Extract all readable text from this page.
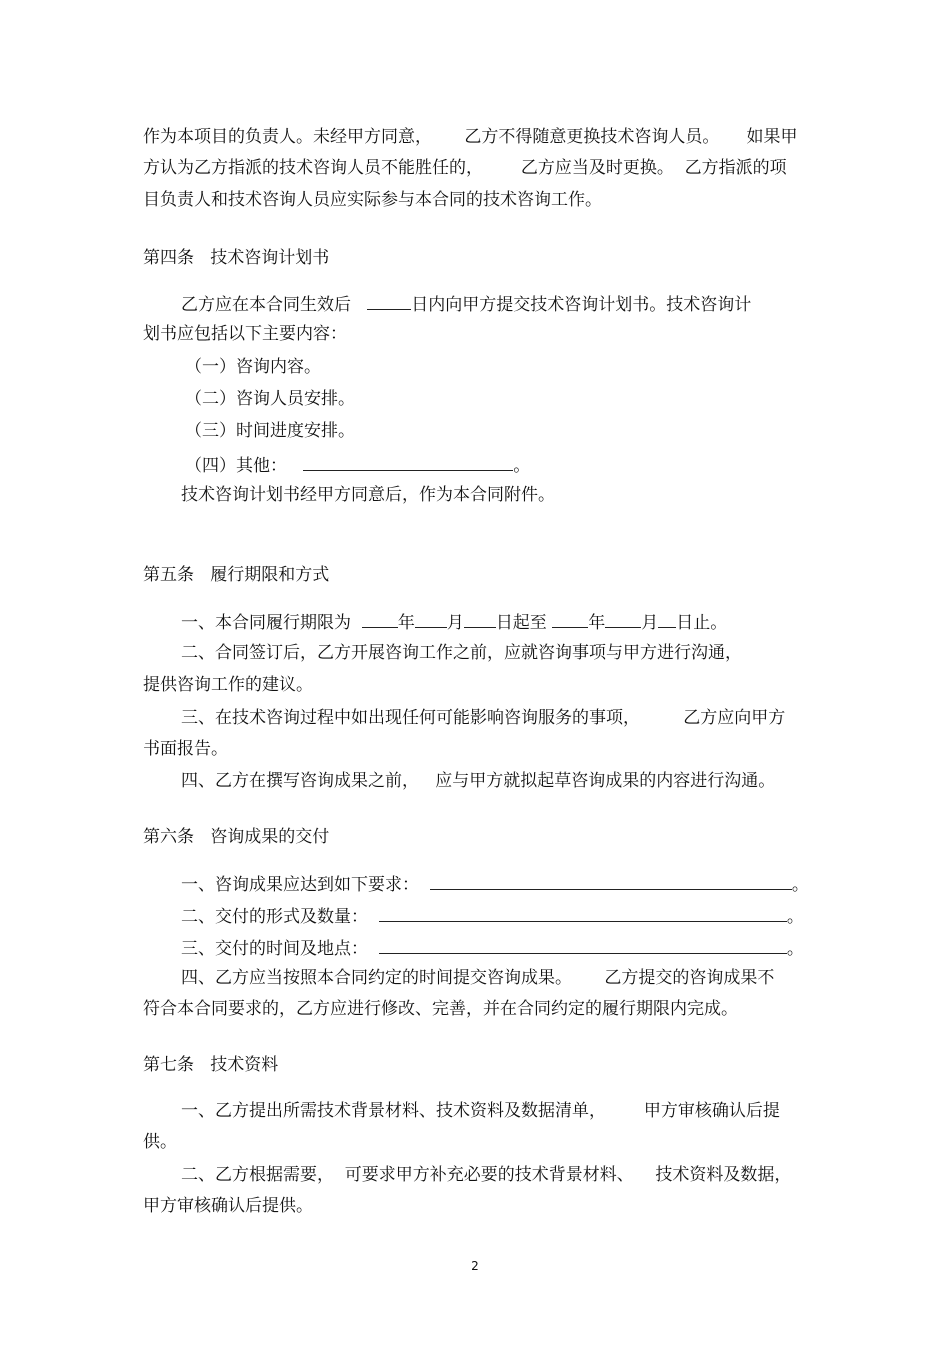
作为本项目的负责人。未经甲方同意，      乙方不得随意更换技术咨询人员。     如果甲
方认为乙方指派的技术咨询人员不能胜任的，       乙方应当及时更换。  乙方指派的项
目负责人和技术咨询人员应实际参与本合同的技术咨询工作。
第四条   技术咨询计划书
乙方应在本合同生效后	日内向甲方提交技术咨询计划书。技术咨询计
划书应包括以下主要内容：
（一）咨询内容。
（二）咨询人员安排。
（三）时间进度安排。
（四）其他：	。
技术咨询计划书经甲方同意后，作为本合同附件。
第五条   履行期限和方式
一、本合同履行期限为  年 月 日起至 年 月 日止。
二、合同签订后，乙方开展咨询工作之前，应就咨询事项与甲方进行沟通，
提供咨询工作的建议。
三、在技术咨询过程中如出现任何可能影响咨询服务的事项，        乙方应向甲方
书面报告。
四、乙方在撰写咨询成果之前，   应与甲方就拟起草咨询成果的内容进行沟通。
第六条   咨询成果的交付
一、咨询成果应达到如下要求：	。
二、交付的形式及数量：	。
三、交付的时间及地点：	。
四、乙方应当按照本合同约定的时间提交咨询成果。      乙方提交的咨询成果不
符合本合同要求的，乙方应进行修改、完善，并在合同约定的履行期限内完成。
第七条   技术资料
一、乙方提出所需技术背景材料、技术资料及数据清单，       甲方审核确认后提
供。
二、乙方根据需要，  可要求甲方补充必要的技术背景材料、    技术资料及数据，
甲方审核确认后提供。
2
